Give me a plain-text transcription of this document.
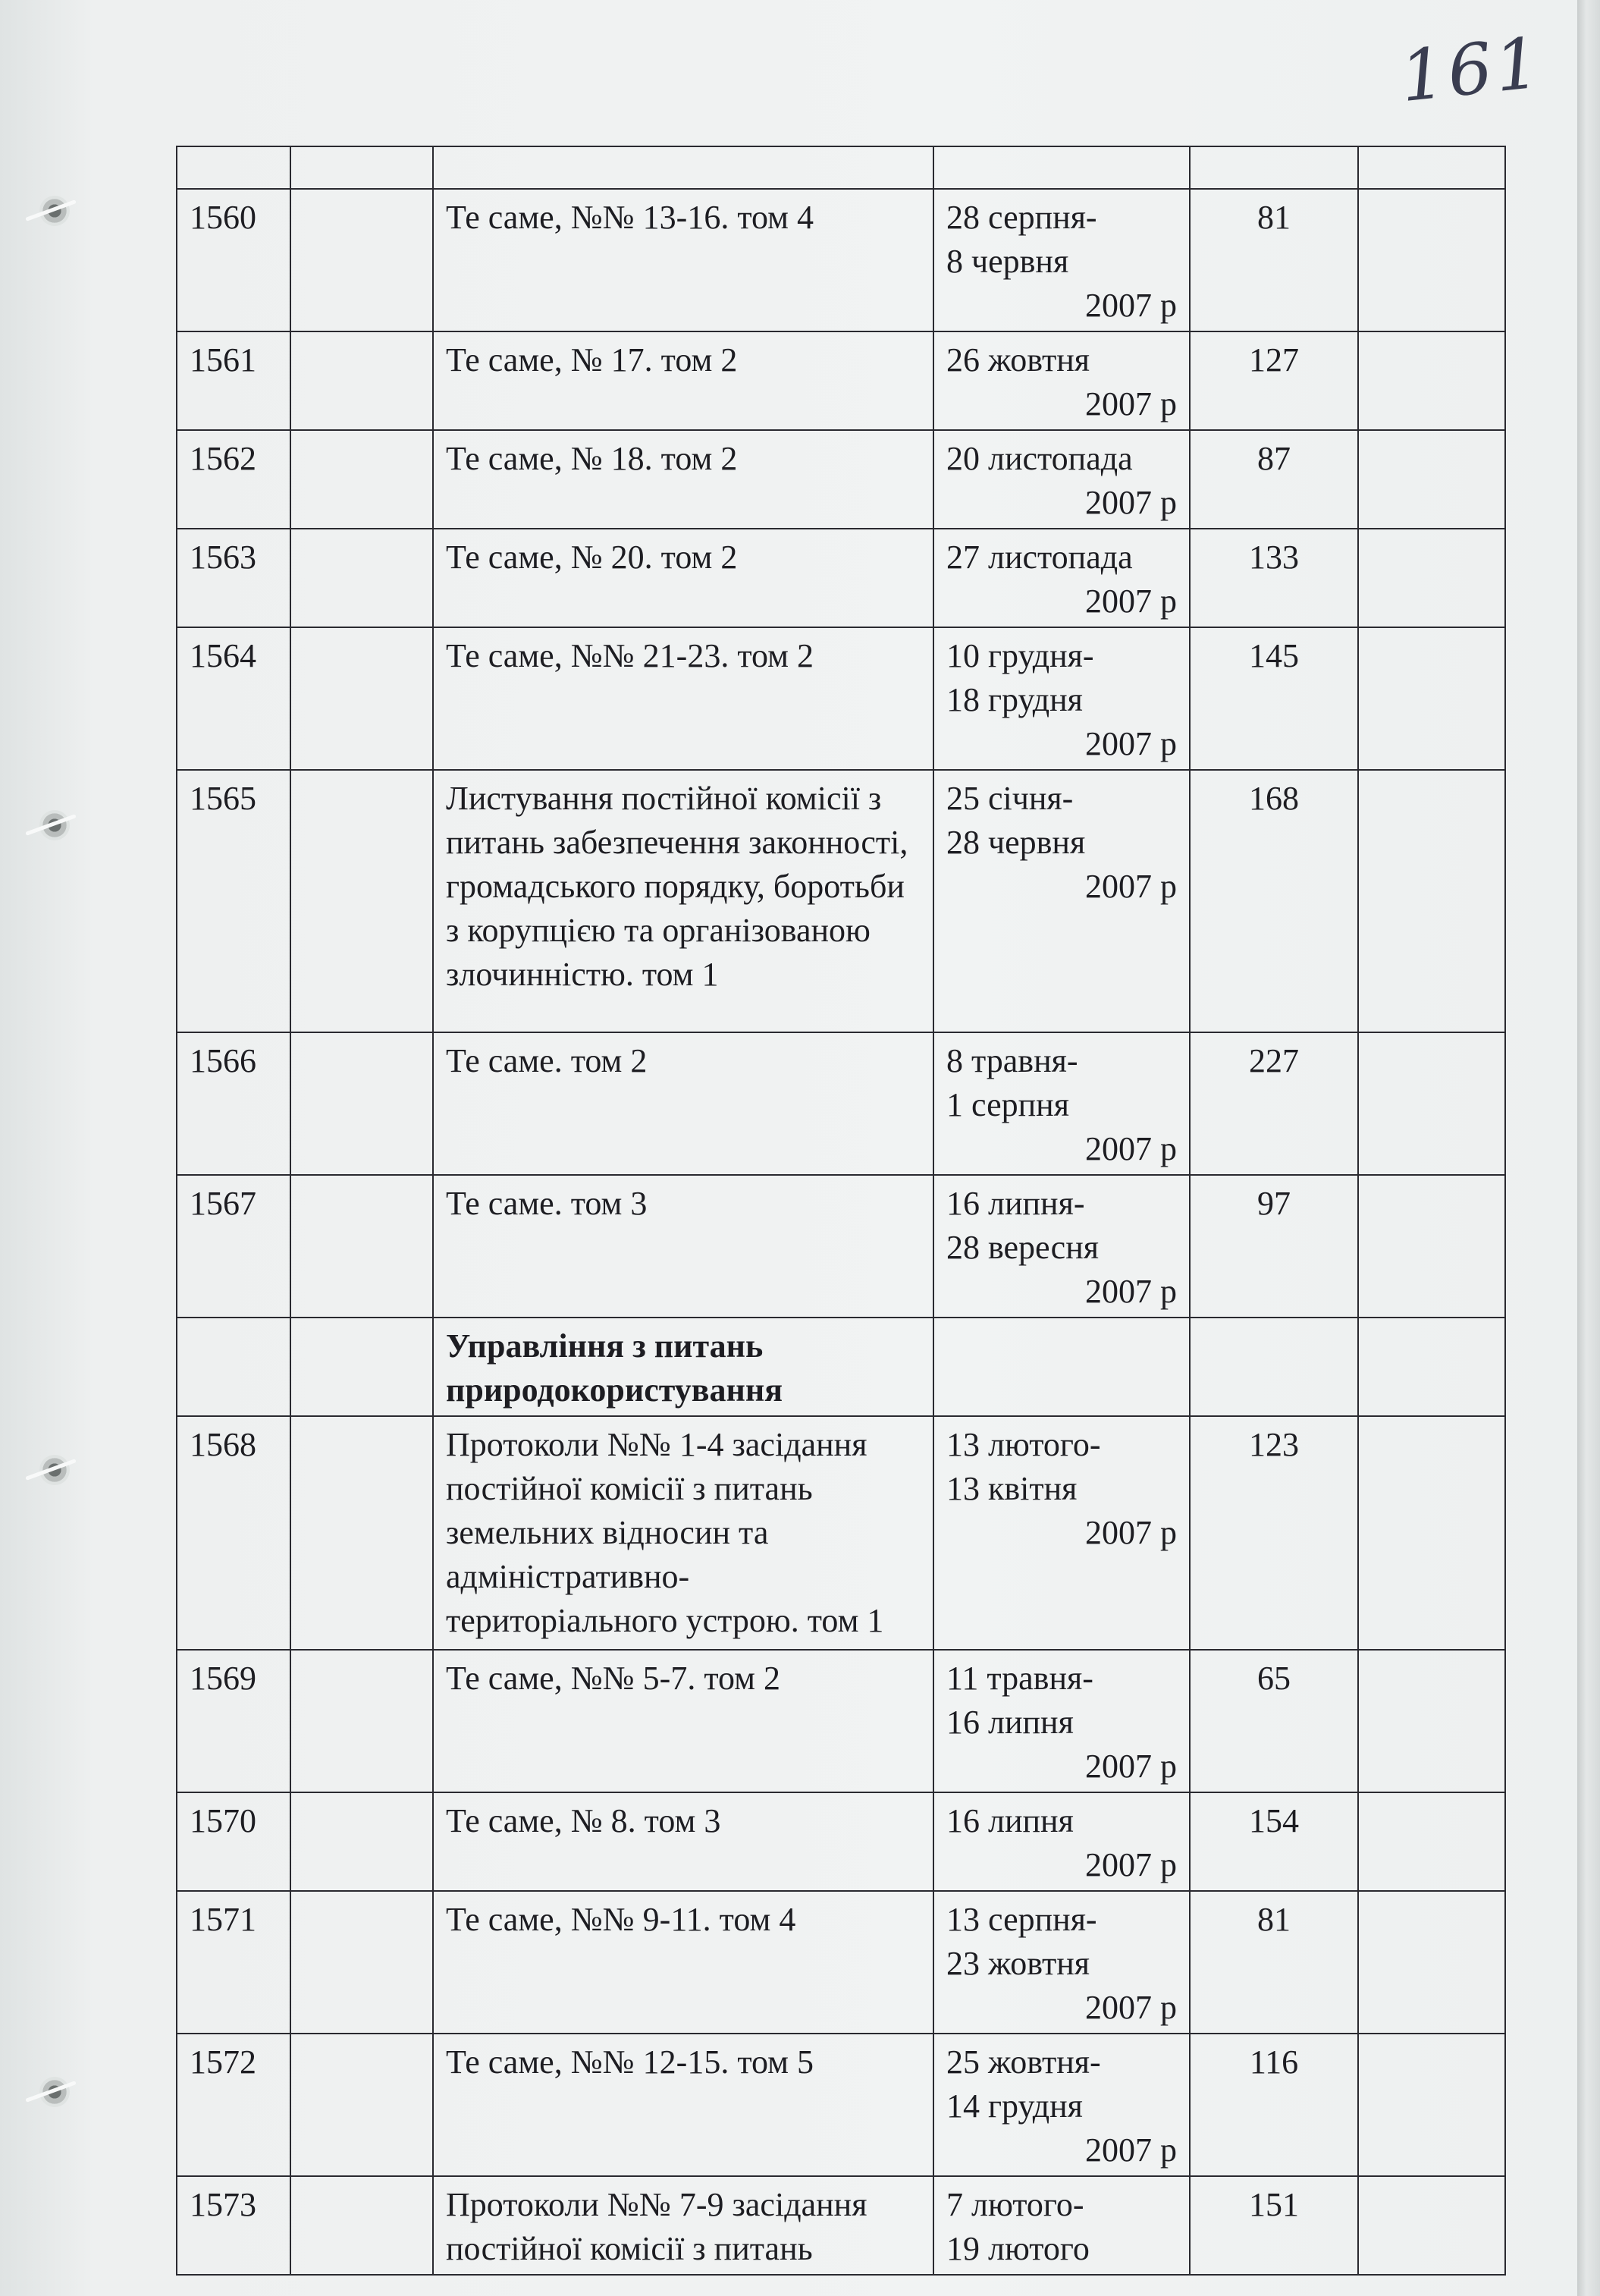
161

1560		Те саме, №№ 13-16. том 4	28 серпня-
8 червня
2007 р	81	
1561		Те саме, № 17. том 2	26 жовтня
2007 р	127	
1562		Те саме, № 18. том 2	20 листопада
2007 р	87	
1563		Те саме, № 20. том 2	27 листопада
2007 р	133	
1564		Те саме, №№ 21-23. том 2	10 грудня-
18 грудня
2007 р	145	
1565		Листування постійної комісії з питань забезпечення законності, громадського порядку, боротьби з корупцією та організованою злочинністю. том 1	25 січня-
28 червня
2007 р	168	
1566		Те саме. том 2	8 травня-
1 серпня
2007 р	227	
1567		Те саме. том 3	16 липня-
28 вересня
2007 р	97	
		Управління з питань природокористування			
1568		Протоколи №№ 1-4 засідання постійної комісії з питань земельних відносин та адміністративно-територіального устрою. том 1	13 лютого-
13 квітня
2007 р	123	
1569		Те саме, №№ 5-7. том 2	11 травня-
16 липня
2007 р	65	
1570		Те саме, № 8. том 3	16 липня
2007 р	154	
1571		Те саме, №№ 9-11. том 4	13 серпня-
23 жовтня
2007 р	81	
1572		Те саме, №№ 12-15. том 5	25 жовтня-
14 грудня
2007 р	116	
1573		Протоколи №№ 7-9 засідання постійної комісії з питань	7 лютого-
19 лютого	151	
